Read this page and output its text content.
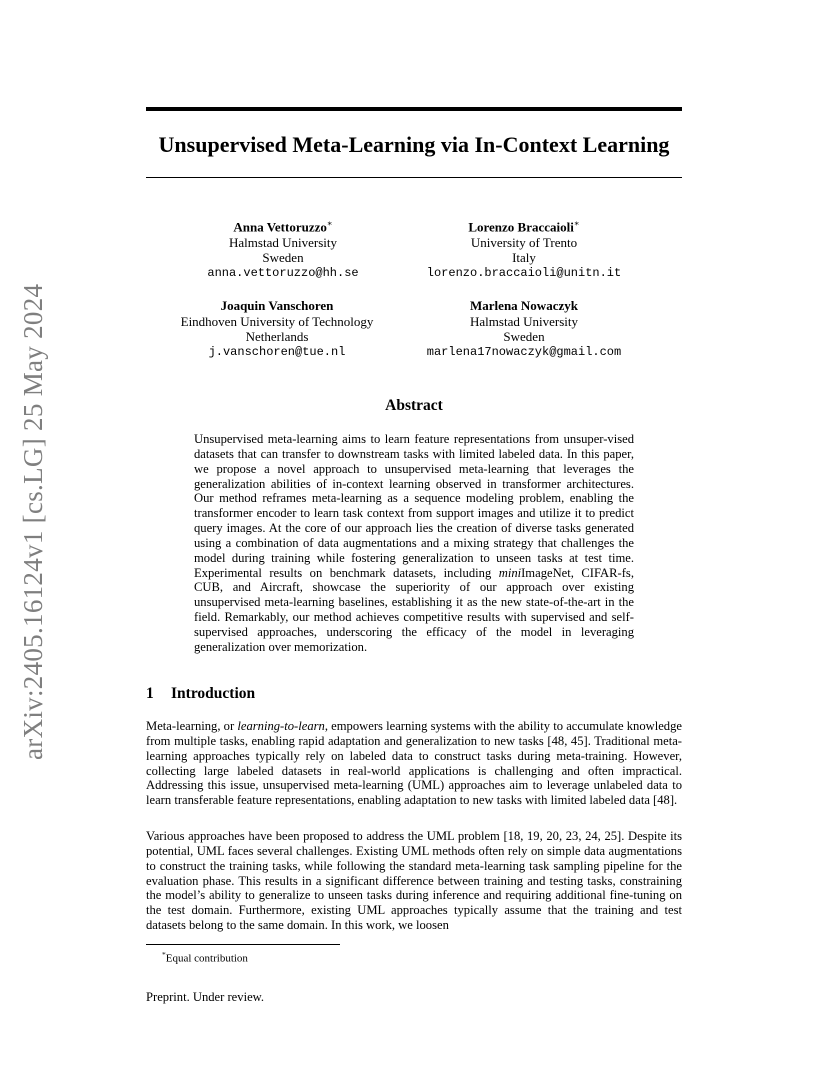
arXiv:2405.16124v1 [cs.LG] 25 May 2024
Unsupervised Meta-Learning via In-Context Learning
Anna Vettoruzzo∗
Halmstad University
Sweden
anna.vettoruzzo@hh.se
Lorenzo Braccaioli∗
University of Trento
Italy
lorenzo.braccaioli@unitn.it
Joaquin Vanschoren
Eindhoven University of Technology
Netherlands
j.vanschoren@tue.nl
Marlena Nowaczyk
Halmstad University
Sweden
marlena17nowaczyk@gmail.com
Abstract

Unsupervised meta-learning aims to learn feature representations from unsuper-vised datasets that can transfer to downstream tasks with limited labeled data. In this paper, we propose a novel approach to unsupervised meta-learning that leverages the generalization abilities of in-context learning observed in transformer architectures. Our method reframes meta-learning as a sequence modeling problem, enabling the transformer encoder to learn task context from support images and utilize it to predict query images. At the core of our approach lies the creation of diverse tasks generated using a combination of data augmentations and a mixing strategy that challenges the model during training while fostering generalization to unseen tasks at test time. Experimental results on benchmark datasets, including miniImageNet, CIFAR-fs, CUB, and Aircraft, showcase the superiority of our approach over existing unsupervised meta-learning baselines, establishing it as the new state-of-the-art in the field. Remarkably, our method achieves competitive results with supervised and self-supervised approaches, underscoring the efficacy of the model in leveraging generalization over memorization.

1 Introduction

Meta-learning, or learning-to-learn, empowers learning systems with the ability to accumulate knowledge from multiple tasks, enabling rapid adaptation and generalization to new tasks [48, 45]. Traditional meta-learning approaches typically rely on labeled data to construct tasks during meta-training. However, collecting large labeled datasets in real-world applications is challenging and often impractical. Addressing this issue, unsupervised meta-learning (UML) approaches aim to leverage unlabeled data to learn transferable feature representations, enabling adaptation to new tasks with limited labeled data [48].

Various approaches have been proposed to address the UML problem [18, 19, 20, 23, 24, 25]. Despite its potential, UML faces several challenges. Existing UML methods often rely on simple data augmentations to construct the training tasks, while following the standard meta-learning task sampling pipeline for the evaluation phase. This results in a significant difference between training and testing tasks, constraining the model’s ability to generalize to unseen tasks during inference and requiring additional fine-tuning on the test domain. Furthermore, existing UML approaches typically assume that the training and test datasets belong to the same domain. In this work, we loosen

*Equal contribution

Preprint. Under review.
